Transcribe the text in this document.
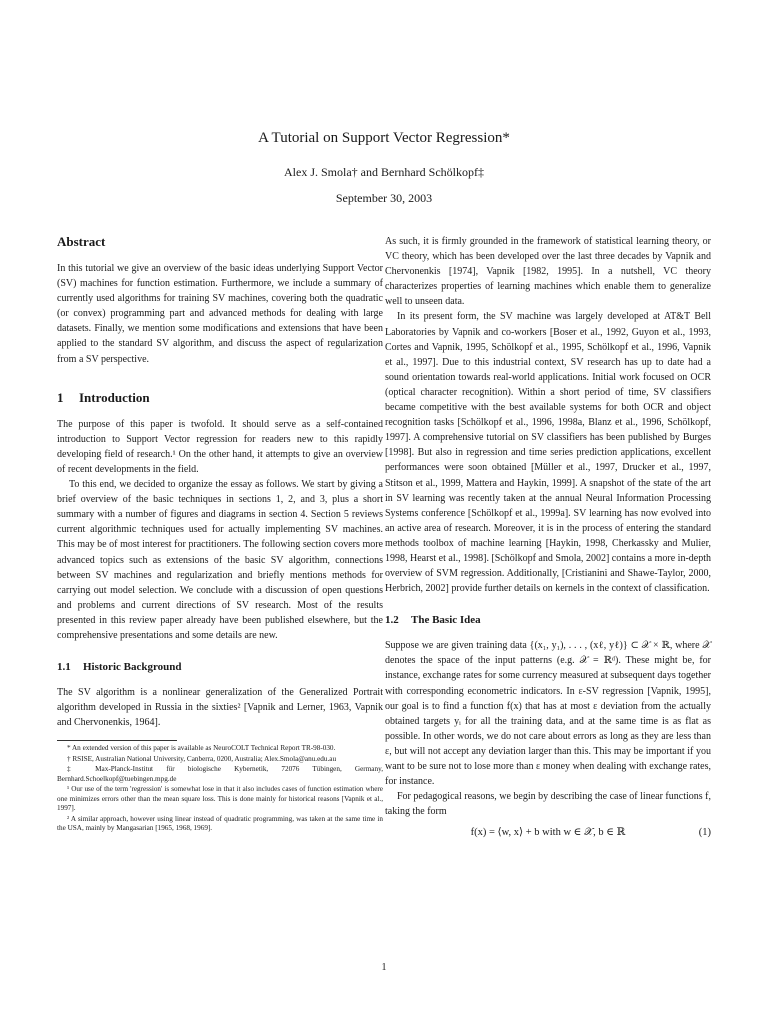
A Tutorial on Support Vector Regression*
Alex J. Smola† and Bernhard Schölkopf‡
September 30, 2003
Abstract

In this tutorial we give an overview of the basic ideas underlying Support Vector (SV) machines for function estimation. Furthermore, we include a summary of currently used algorithms for training SV machines, covering both the quadratic (or convex) programming part and advanced methods for dealing with large datasets. Finally, we mention some modifications and extensions that have been applied to the standard SV algorithm, and discuss the aspect of regularization from a SV perspective.

1 Introduction

The purpose of this paper is twofold. It should serve as a self-contained introduction to Support Vector regression for readers new to this rapidly developing field of research.¹ On the other hand, it attempts to give an overview of recent developments in the field.

To this end, we decided to organize the essay as follows. We start by giving a brief overview of the basic techniques in sections 1, 2, and 3, plus a short summary with a number of figures and diagrams in section 4. Section 5 reviews current algorithmic techniques used for actually implementing SV machines. This may be of most interest for practitioners. The following section covers more advanced topics such as extensions of the basic SV algorithm, connections between SV machines and regularization and briefly mentions methods for carrying out model selection. We conclude with a discussion of open questions and problems and current directions of SV research. Most of the results presented in this review paper already have been published elsewhere, but the comprehensive presentations and some details are new.

1.1 Historic Background

The SV algorithm is a nonlinear generalization of the Generalized Portrait algorithm developed in Russia in the sixties² [Vapnik and Lerner, 1963, Vapnik and Chervonenkis, 1964].

* An extended version of this paper is available as NeuroCOLT Technical Report TR-98-030.

† RSISE, Australian National University, Canberra, 0200, Australia; Alex.Smola@anu.edu.au

‡ Max-Planck-Institut für biologische Kybernetik, 72076 Tübingen, Germany, Bernhard.Schoelkopf@tuebingen.mpg.de

¹ Our use of the term 'regression' is somewhat lose in that it also includes cases of function estimation where one minimizes errors other than the mean square loss. This is done mainly for historical reasons [Vapnik et al., 1997].

² A similar approach, however using linear instead of quadratic programming, was taken at the same time in the USA, mainly by Mangasarian [1965, 1968, 1969].

As such, it is firmly grounded in the framework of statistical learning theory, or VC theory, which has been developed over the last three decades by Vapnik and Chervonenkis [1974], Vapnik [1982, 1995]. In a nutshell, VC theory characterizes properties of learning machines which enable them to generalize well to unseen data.

In its present form, the SV machine was largely developed at AT&T Bell Laboratories by Vapnik and co-workers [Boser et al., 1992, Guyon et al., 1993, Cortes and Vapnik, 1995, Schölkopf et al., 1995, Schölkopf et al., 1996, Vapnik et al., 1997]. Due to this industrial context, SV research has up to date had a sound orientation towards real-world applications. Initial work focused on OCR (optical character recognition). Within a short period of time, SV classifiers became competitive with the best available systems for both OCR and object recognition tasks [Schölkopf et al., 1996, 1998a, Blanz et al., 1996, Schölkopf, 1997]. A comprehensive tutorial on SV classifiers has been published by Burges [1998]. But also in regression and time series prediction applications, excellent performances were soon obtained [Müller et al., 1997, Drucker et al., 1997, Stitson et al., 1999, Mattera and Haykin, 1999]. A snapshot of the state of the art in SV learning was recently taken at the annual Neural Information Processing Systems conference [Schölkopf et al., 1999a]. SV learning has now evolved into an active area of research. Moreover, it is in the process of entering the standard methods toolbox of machine learning [Haykin, 1998, Cherkassky and Mulier, 1998, Hearst et al., 1998]. [Schölkopf and Smola, 2002] contains a more in-depth overview of SVM regression. Additionally, [Cristianini and Shawe-Taylor, 2000, Herbrich, 2002] provide further details on kernels in the context of classification.

1.2 The Basic Idea

Suppose we are given training data {(x₁, y₁), . . . , (xℓ, yℓ)} ⊂ 𝒳 × ℝ, where 𝒳 denotes the space of the input patterns (e.g. 𝒳 = ℝᵈ). These might be, for instance, exchange rates for some currency measured at subsequent days together with corresponding econometric indicators. In ε-SV regression [Vapnik, 1995], our goal is to find a function f(x) that has at most ε deviation from the actually obtained targets yᵢ for all the training data, and at the same time is as flat as possible. In other words, we do not care about errors as long as they are less than ε, but will not accept any deviation larger than this. This may be important if you want to be sure not to lose more than ε money when dealing with exchange rates, for instance.

For pedagogical reasons, we begin by describing the case of linear functions f, taking the form

f(x) = ⟨w, x⟩ + b with w ∈ 𝒳, b ∈ ℝ	(1)
1
